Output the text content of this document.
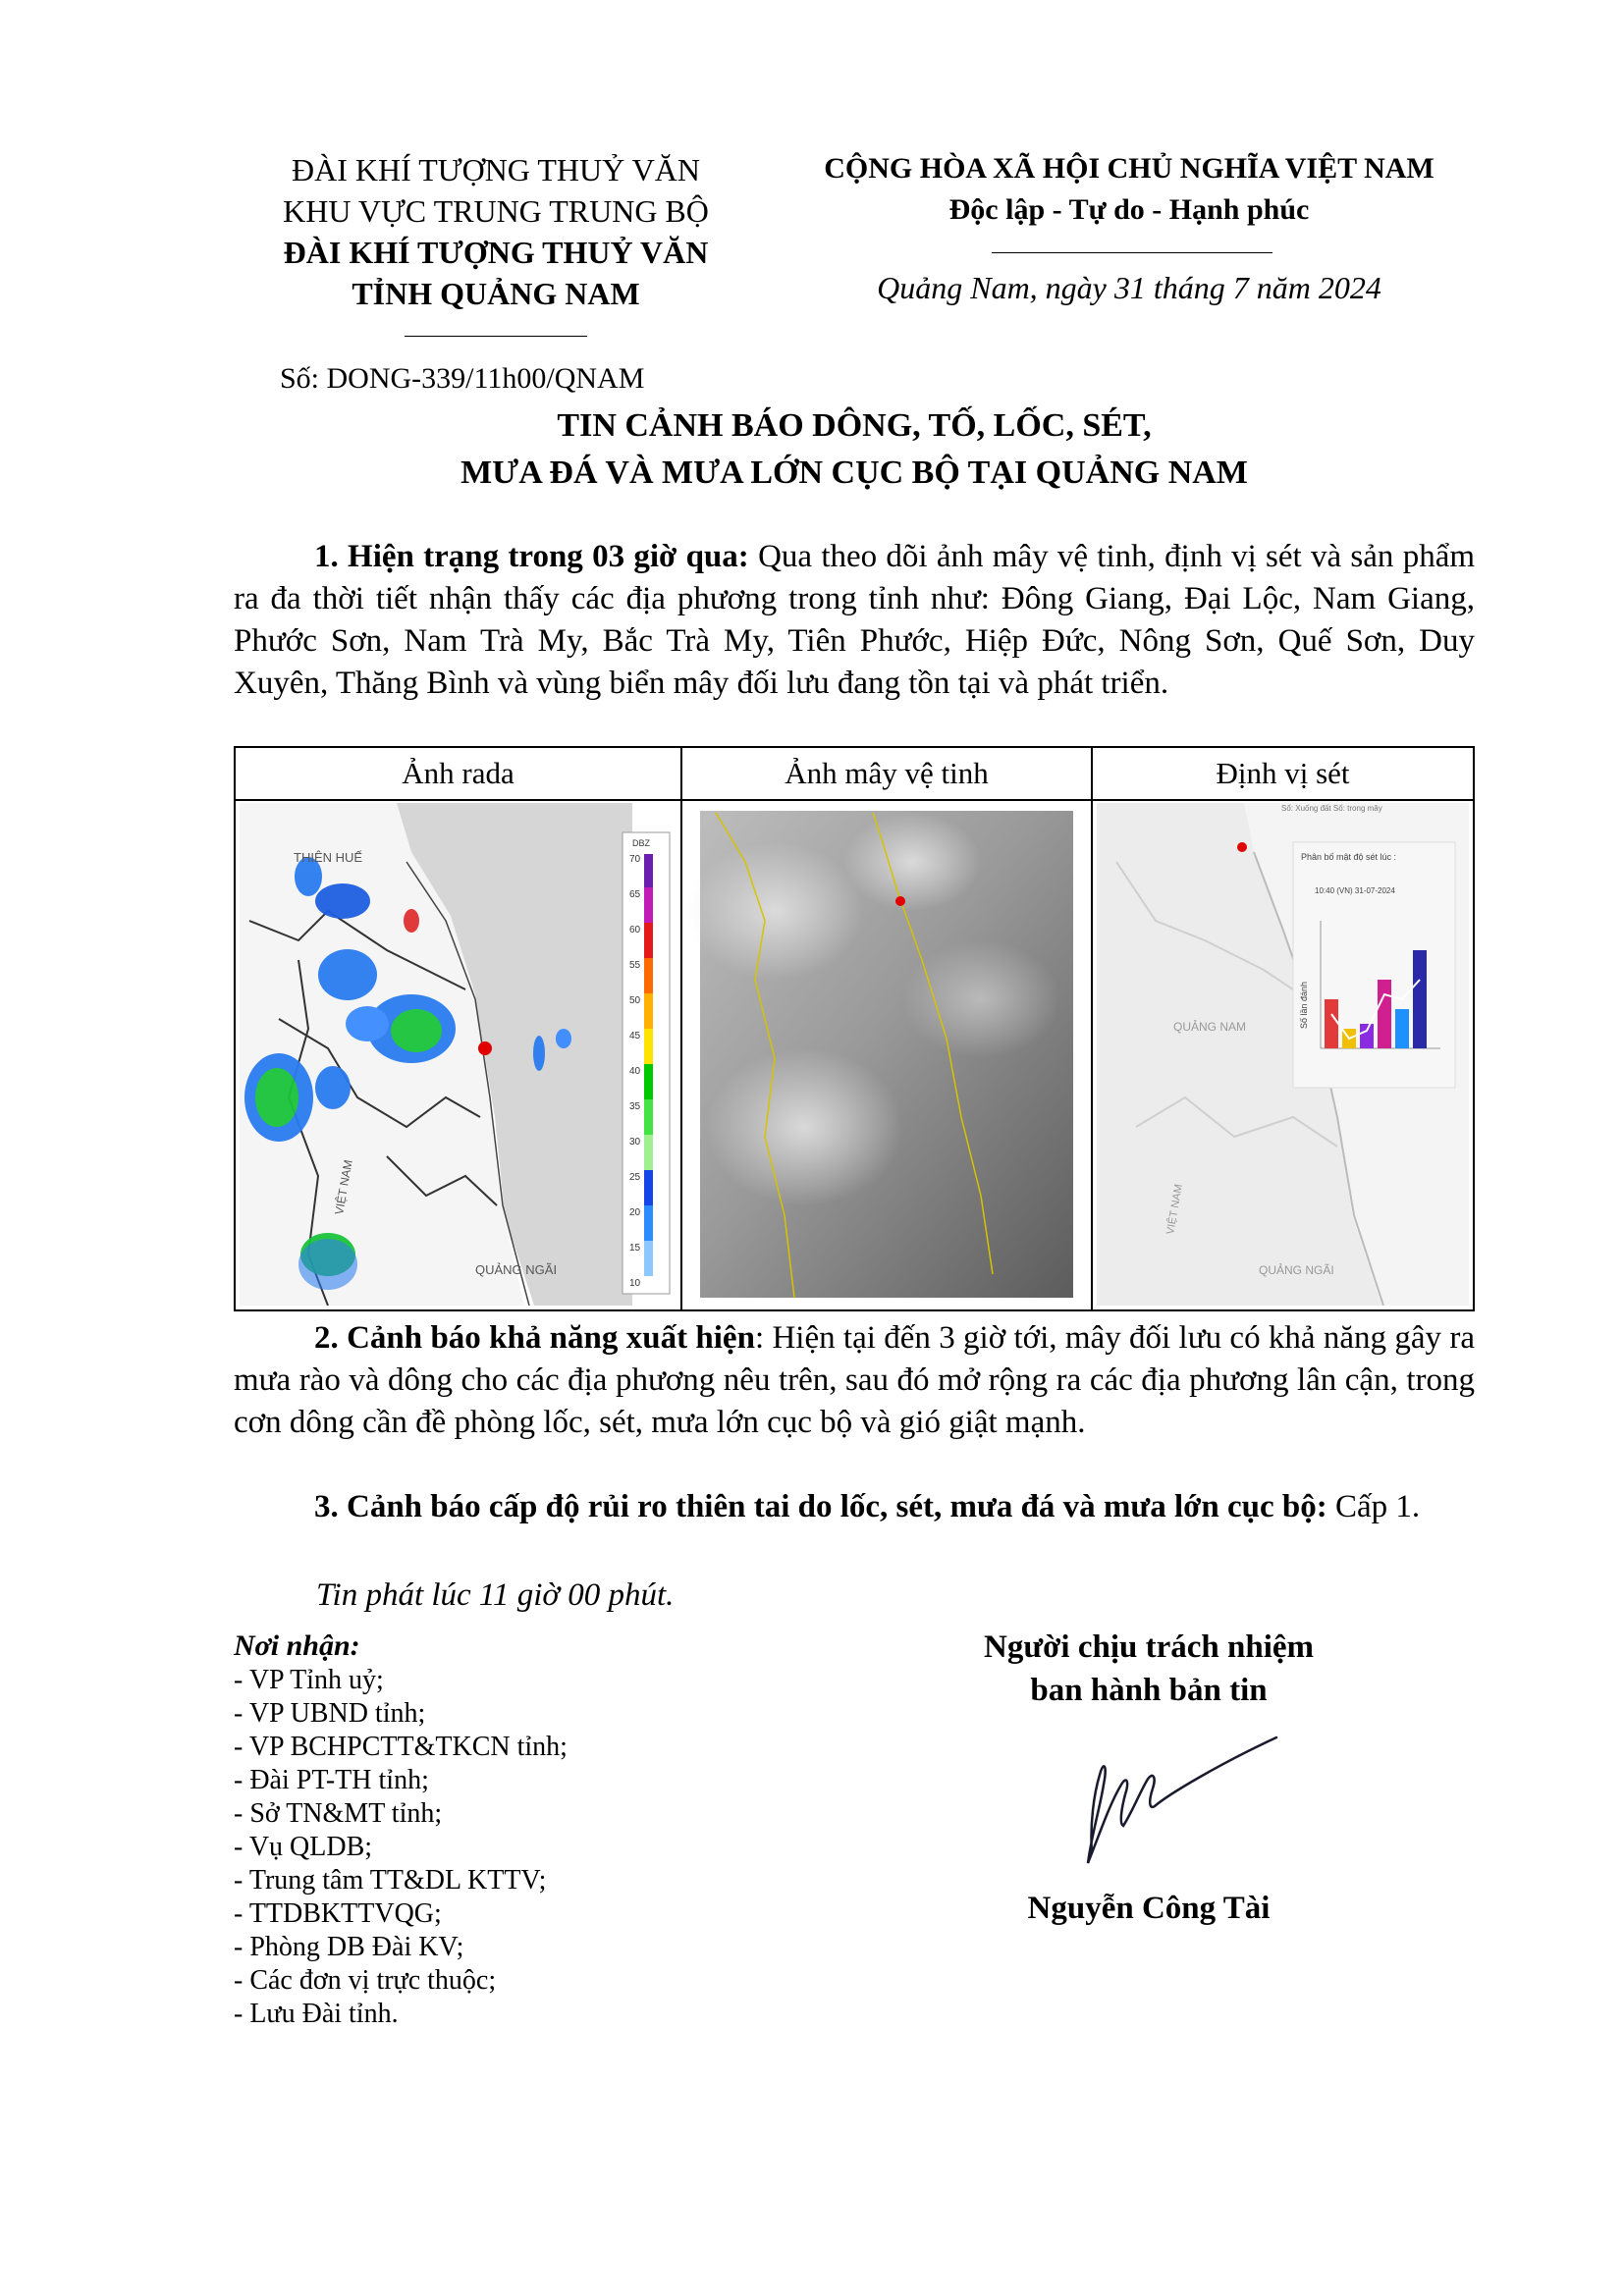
ĐÀI KHÍ TƯỢNG THUỶ VĂN
KHU VỰC TRUNG TRUNG BỘ
ĐÀI KHÍ TƯỢNG THUỶ VĂN
TỈNH QUẢNG NAM
Số: DONG-339/11h00/QNAM
CỘNG HÒA XÃ HỘI CHỦ NGHĨA VIỆT NAM
Độc lập - Tự do - Hạnh phúc
Quảng Nam, ngày 31 tháng 7 năm 2024
TIN CẢNH BÁO DÔNG, TỐ, LỐC, SÉT,
MƯA ĐÁ VÀ MƯA LỚN CỤC BỘ TẠI QUẢNG NAM
1. Hiện trạng trong 03 giờ qua: Qua theo dõi ảnh mây vệ tinh, định vị sét và sản phẩm ra đa thời tiết nhận thấy các địa phương trong tỉnh như: Đông Giang, Đại Lộc, Nam Giang, Phước Sơn, Nam Trà My, Bắc Trà My, Tiên Phước, Hiệp Đức, Nông Sơn, Quế Sơn, Duy Xuyên, Thăng Bình và vùng biển mây đối lưu đang tồn tại và phát triển.
Ảnh rada
THIÊN HUẾ
QUẢNG NGÃI
VIỆT NAM
DBZ
70
65
60
55
50
45
40
35
30
25
20
15
10
Ảnh mây vệ tinh	Định vị sét
QUẢNG NAM
VIỆT NAM
QUẢNG NGÃI
Số: Xuống đất Số: trong mây
Phân bố mật độ sét lúc :
10:40 (VN) 31-07-2024
Số lần đánh
2. Cảnh báo khả năng xuất hiện: Hiện tại đến 3 giờ tới, mây đối lưu có khả năng gây ra mưa rào và dông cho các địa phương nêu trên, sau đó mở rộng ra các địa phương lân cận, trong cơn dông cần đề phòng lốc, sét, mưa lớn cục bộ và gió giật mạnh.
3. Cảnh báo cấp độ rủi ro thiên tai do lốc, sét, mưa đá và mưa lớn cục bộ: Cấp 1.
Tin phát lúc 11 giờ 00 phút.
Nơi nhận:
- VP Tỉnh uỷ;
- VP UBND tỉnh;
- VP BCHPCTT&TKCN tỉnh;
- Đài PT-TH tỉnh;
- Sở TN&MT tỉnh;
- Vụ QLDB;
- Trung tâm TT&DL KTTV;
- TTDBKTTVQG;
- Phòng DB Đài KV;
- Các đơn vị trực thuộc;
- Lưu Đài tỉnh.
Người chịu trách nhiệm
ban hành bản tin
Nguyễn Công Tài
